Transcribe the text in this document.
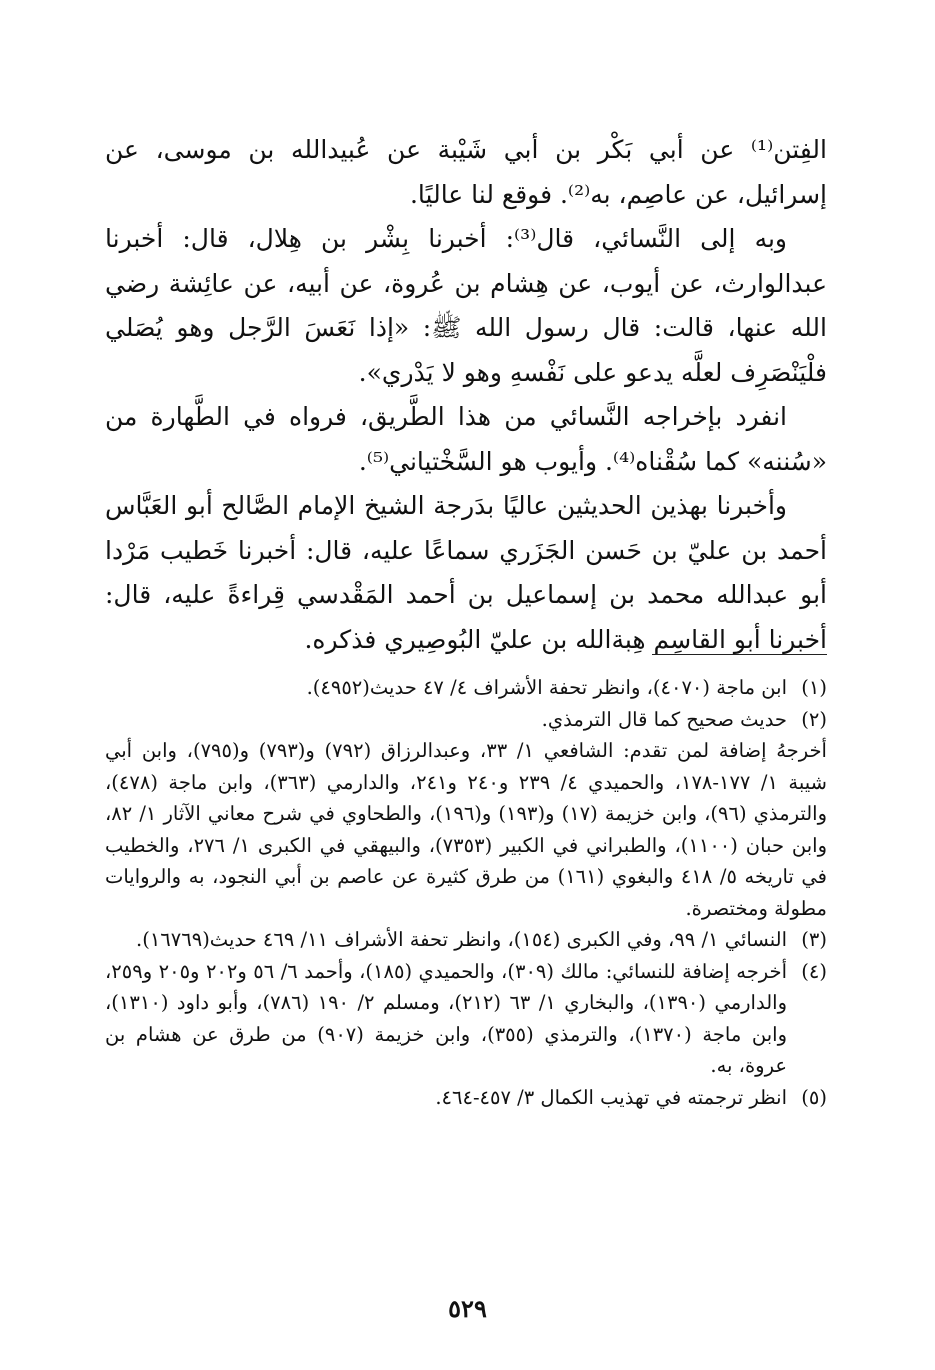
الفِتن⁽¹⁾ عن أبي بَكْر بن أبي شَيْبة عن عُبيدالله بن موسى، عن إسرائيل، عن عاصِم، به⁽²⁾. فوقع لنا عاليًا.

وبه إلى النَّسائي، قال⁽³⁾: أخبرنا بِشْر بن هِلال، قال: أخبرنا عبدالوارث، عن أيوب، عن هِشام بن عُروة، عن أبيه، عن عائِشة رضي الله عنها، قالت: قال رسول الله ﷺ: «إذا نَعَسَ الرَّجل وهو يُصَلي فلْيَنْصَرِف لعلَّه يدعو على نَفْسهِ وهو لا يَدْري».

انفرد بإخراجه النَّسائي من هذا الطَّريق، فرواه في الطَّهارة من «سُننه» كما سُقْناه⁽⁴⁾. وأيوب هو السَّخْتياني⁽⁵⁾.

وأخبرنا بهذين الحديثين عاليًا بدَرجة الشيخ الإمام الصَّالح أبو العَبَّاس أحمد بن عليّ بن حَسن الجَزَري سماعًا عليه، قال: أخبرنا خَطيب مَرْدا أبو عبدالله محمد بن إسماعيل بن أحمد المَقْدسي قِراءةً عليه، قال: أخبرنا أبو القاسِم هِبةالله بن عليّ البُوصِيري فذكره.

(١)

ابن ماجة (٤٠٧٠)، وانظر تحفة الأشراف ٤/ ٤٧ حديث(٤٩٥٢).

(٢)

حديث صحيح كما قال الترمذي.

أخرجهُ إضافة لمن تقدم: الشافعي ١/ ٣٣، وعبدالرزاق (٧٩٢) و(٧٩٣) و(٧٩٥)، وابن أبي شيبة ١/ ١٧٧-١٧٨، والحميدي ٤/ ٢٣٩ و٢٤٠ و٢٤١، والدارمي (٣٦٣)، وابن ماجة (٤٧٨)، والترمذي (٩٦)، وابن خزيمة (١٧) و(١٩٣) و(١٩٦)، والطحاوي في شرح معاني الآثار ١/ ٨٢، وابن حبان (١١٠٠)، والطبراني في الكبير (٧٣٥٣)، والبيهقي في الكبرى ١/ ٢٧٦، والخطيب في تاريخه ٥/ ٤١٨ والبغوي (١٦١) من طرق كثيرة عن عاصم بن أبي النجود، به والروايات مطولة ومختصرة.
(٣)

النسائي ١/ ٩٩، وفي الكبرى (١٥٤)، وانظر تحفة الأشراف ١١/ ٤٦٩ حديث(١٦٧٦٩).

(٤)

أخرجه إضافة للنسائي: مالك (٣٠٩)، والحميدي (١٨٥)، وأحمد ٦/ ٥٦ و٢٠٢ و٢٠٥ و٢٥٩، والدارمي (١٣٩٠)، والبخاري ١/ ٦٣ (٢١٢)، ومسلم ٢/ ١٩٠ (٧٨٦)، وأبو داود (١٣١٠)، وابن ماجة (١٣٧٠)، والترمذي (٣٥٥)، وابن خزيمة (٩٠٧) من طرق عن هشام بن عروة، به.

(٥)

انظر ترجمته في تهذيب الكمال ٣/ ٤٥٧-٤٦٤.

٥٢٩
